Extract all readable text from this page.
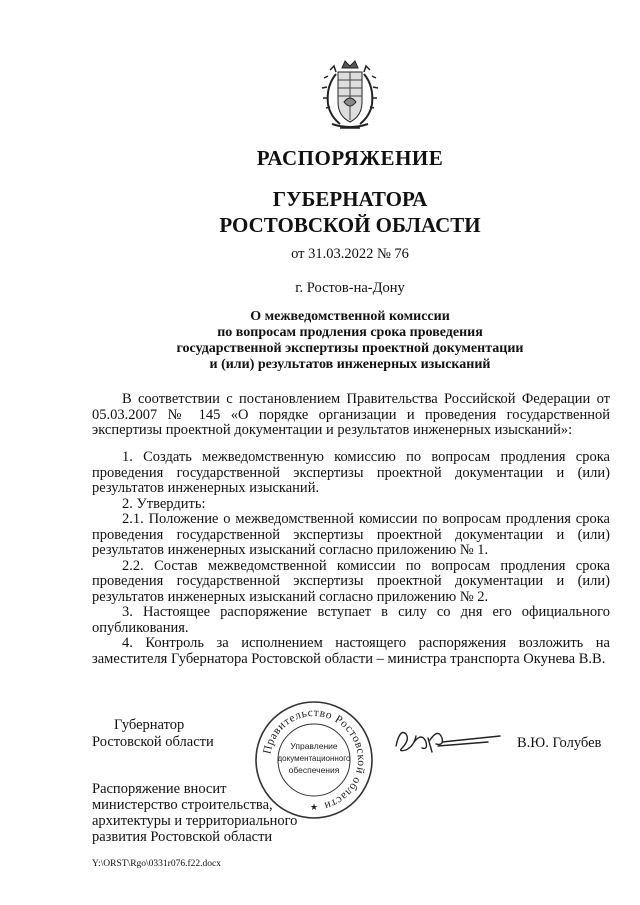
РАСПОРЯЖЕНИЕ
ГУБЕРНАТОРА
РОСТОВСКОЙ ОБЛАСТИ
от 31.03.2022 № 76
г. Ростов-на-Дону
О межведомственной комиссии
по вопросам продления срока проведения
государственной экспертизы проектной документации
и (или) результатов инженерных изысканий

В соответствии с постановлением Правительства Российской Федерации от 05.03.2007 № 145 «О порядке организации и проведения государственной экспертизы проектной документации и результатов инженерных изысканий»:

1. Создать межведомственную комиссию по вопросам продления срока проведения государственной экспертизы проектной документации и (или) результатов инженерных изысканий.

2. Утвердить:

2.1. Положение о межведомственной комиссии по вопросам продления срока проведения государственной экспертизы проектной документации и (или) результатов инженерных изысканий согласно приложению № 1.

2.2. Состав межведомственной комиссии по вопросам продления срока проведения государственной экспертизы проектной документации и (или) результатов инженерных изысканий согласно приложению № 2.

3. Настоящее распоряжение вступает в силу со дня его официального опубликования.

4. Контроль за исполнением настоящего распоряжения возложить на заместителя Губернатора Ростовской области – министра транспорта Окунева В.В.

Губернатор
Ростовской области	Правительство Ростовской области
Управление
документационного
обеспечения
★
В.Ю. Голубев
Распоряжение вносит
министерство строительства,
архитектуры и территориального
развития Ростовской области
Y:\ORST\Rgo\0331r076.f22.docx
